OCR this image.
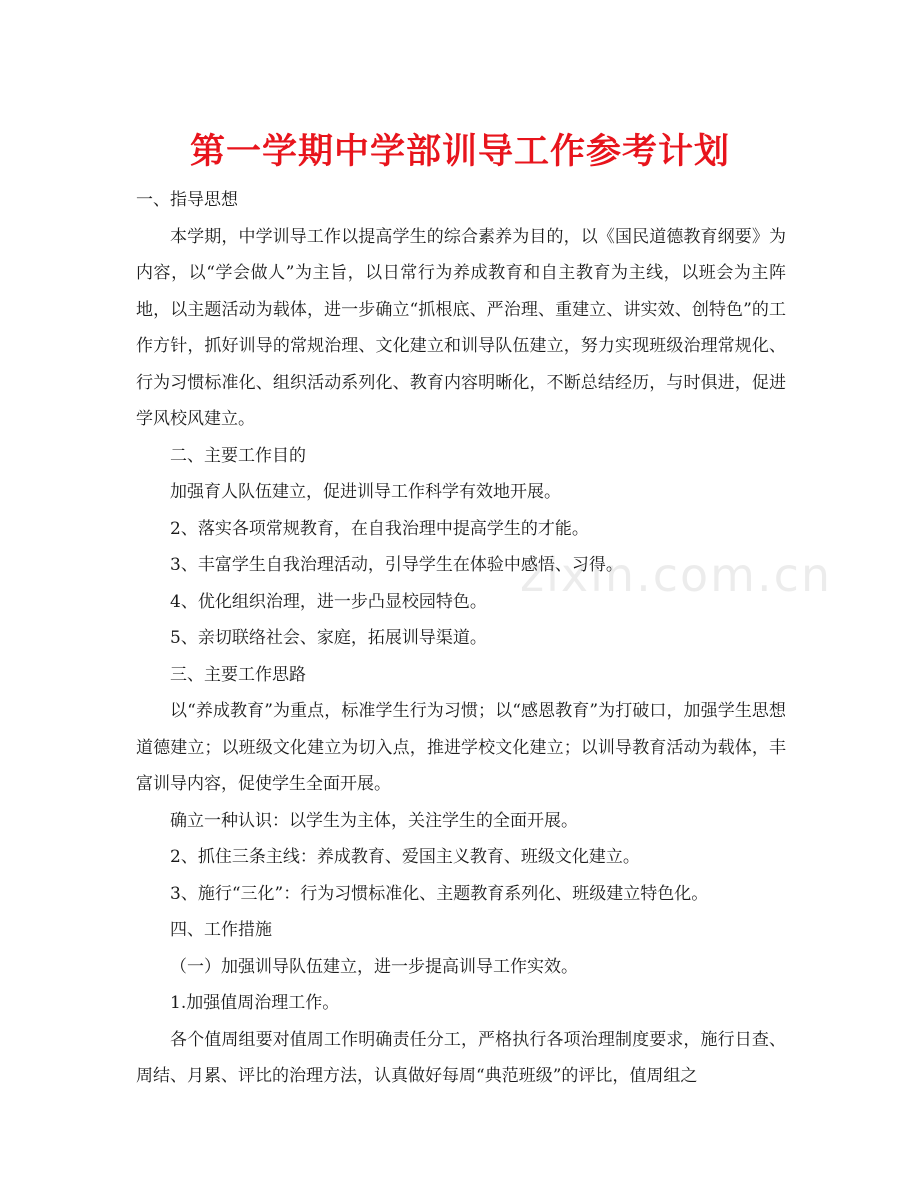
zixin.com.cn
第一学期中学部训导工作参考计划

一、指导思想

本学期，中学训导工作以提高学生的综合素养为目的，以《国民道德教育纲要》为内容，以“学会做人”为主旨，以日常行为养成教育和自主教育为主线，以班会为主阵地，以主题活动为载体，进一步确立“抓根底、严治理、重建立、讲实效、创特色”的工作方针，抓好训导的常规治理、文化建立和训导队伍建立，努力实现班级治理常规化、行为习惯标准化、组织活动系列化、教育内容明晰化，不断总结经历，与时俱进，促进学风校风建立。

二、主要工作目的

加强育人队伍建立，促进训导工作科学有效地开展。

2、落实各项常规教育，在自我治理中提高学生的才能。

3、丰富学生自我治理活动，引导学生在体验中感悟、习得。

4、优化组织治理，进一步凸显校园特色。

5、亲切联络社会、家庭，拓展训导渠道。

三、主要工作思路

以“养成教育”为重点，标准学生行为习惯；以“感恩教育”为打破口，加强学生思想道德建立；以班级文化建立为切入点，推进学校文化建立；以训导教育活动为载体，丰富训导内容，促使学生全面开展。

确立一种认识：以学生为主体，关注学生的全面开展。

2、抓住三条主线：养成教育、爱国主义教育、班级文化建立。

3、施行“三化”：行为习惯标准化、主题教育系列化、班级建立特色化。

四、工作措施

（一）加强训导队伍建立，进一步提高训导工作实效。

1.加强值周治理工作。

各个值周组要对值周工作明确责任分工，严格执行各项治理制度要求，施行日查、周结、月累、评比的治理方法，认真做好每周“典范班级”的评比，值周组之
